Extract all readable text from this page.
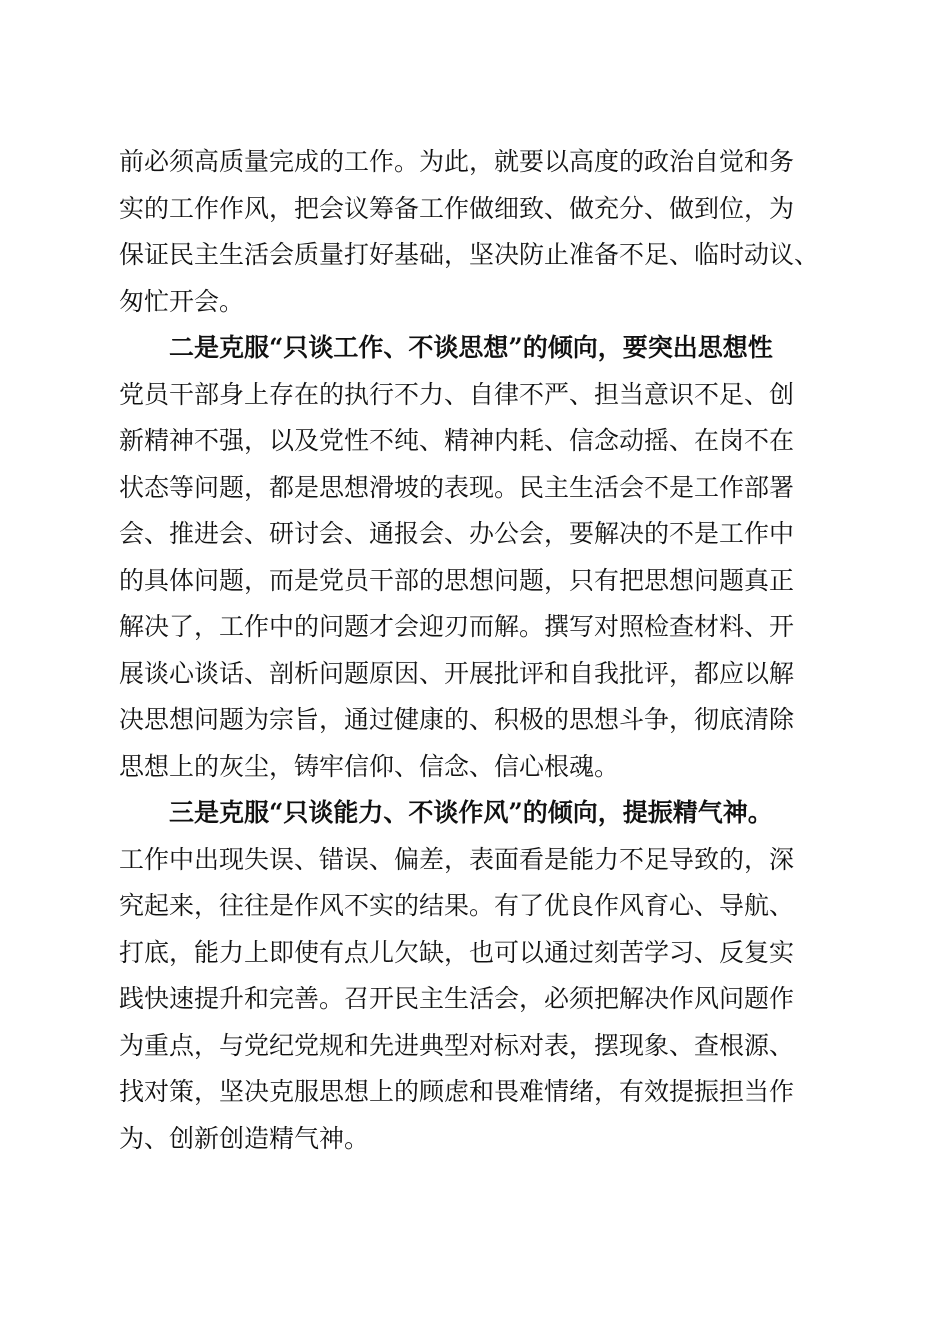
前必须高质量完成的工作。为此，就要以高度的政治自觉和务
实的工作作风，把会议筹备工作做细致、做充分、做到位，为
保证民主生活会质量打好基础，坚决防止准备不足、临时动议、
匆忙开会。
二是克服“只谈工作、不谈思想”的倾向，要突出思想性
党员干部身上存在的执行不力、自律不严、担当意识不足、创
新精神不强，以及党性不纯、精神内耗、信念动摇、在岗不在
状态等问题，都是思想滑坡的表现。民主生活会不是工作部署
会、推进会、研讨会、通报会、办公会，要解决的不是工作中
的具体问题，而是党员干部的思想问题，只有把思想问题真正
解决了，工作中的问题才会迎刃而解。撰写对照检查材料、开
展谈心谈话、剖析问题原因、开展批评和自我批评，都应以解
决思想问题为宗旨，通过健康的、积极的思想斗争，彻底清除
思想上的灰尘，铸牢信仰、信念、信心根魂。
三是克服“只谈能力、不谈作风”的倾向，提振精气神。
工作中出现失误、错误、偏差，表面看是能力不足导致的，深
究起来，往往是作风不实的结果。有了优良作风育心、导航、
打底，能力上即使有点儿欠缺，也可以通过刻苦学习、反复实
践快速提升和完善。召开民主生活会，必须把解决作风问题作
为重点，与党纪党规和先进典型对标对表，摆现象、查根源、
找对策，坚决克服思想上的顾虑和畏难情绪，有效提振担当作
为、创新创造精气神。
